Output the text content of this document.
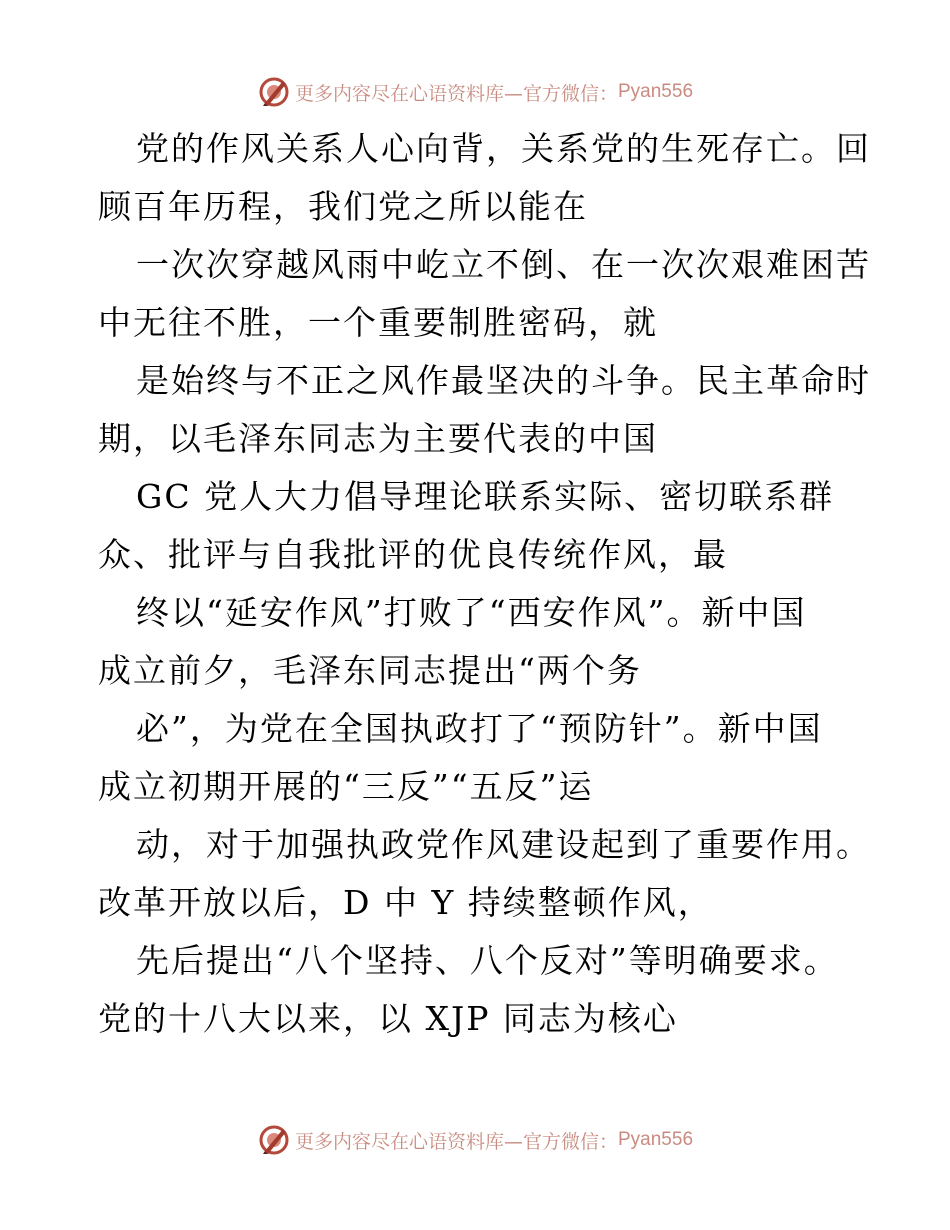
更多内容尽在心语资料库—官方微信： Pyan556
党的作风关系人心向背，关系党的生死存亡。回
顾百年历程，我们党之所以能在
一次次穿越风雨中屹立不倒、在一次次艰难困苦
中无往不胜，一个重要制胜密码，就
是始终与不正之风作最坚决的斗争。民主革命时
期，以毛泽东同志为主要代表的中国
GC 党人大力倡导理论联系实际、密切联系群
众、批评与自我批评的优良传统作风，最
终以“延安作风”打败了“西安作风”。新中国
成立前夕，毛泽东同志提出“两个务
必”，为党在全国执政打了“预防针”。新中国
成立初期开展的“三反”“五反”运
动，对于加强执政党作风建设起到了重要作用。
改革开放以后，D 中 Y 持续整顿作风，
先后提出“八个坚持、八个反对”等明确要求。
党的十八大以来，以 XJP 同志为核心
更多内容尽在心语资料库—官方微信： Pyan556
